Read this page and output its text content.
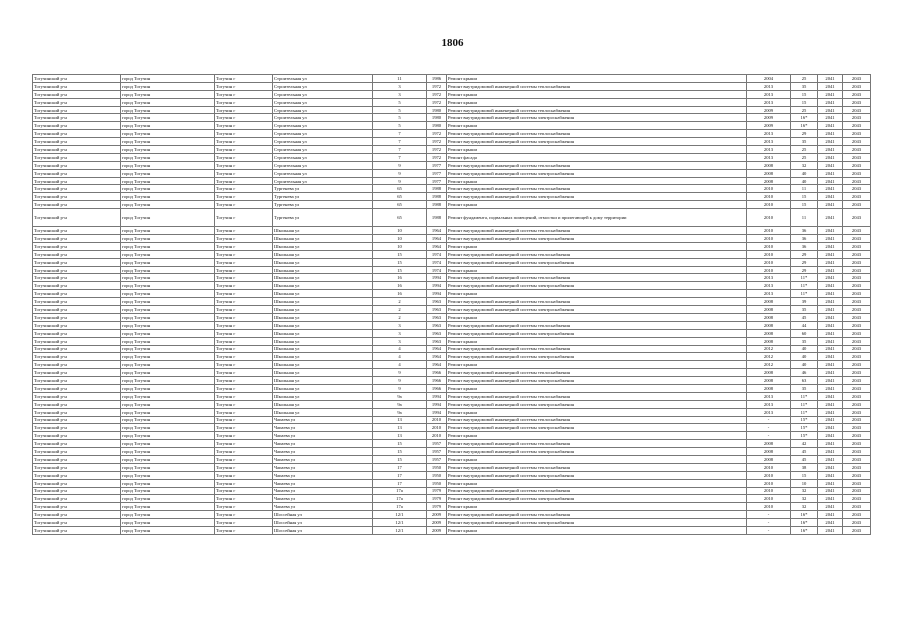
1806
Тогучинский р-н	город Тогучин	Тогучин г	Строительная ул	11	1986	Ремонт крыши	2004	25	2041	2043
Тогучинский р-н	город Тогучин	Тогучин г	Строительная ул	3	1972	Ремонт внутридомовой инженерной системы теплоснабжения	2013	35	2041	2043
Тогучинский р-н	город Тогучин	Тогучин г	Строительная ул	3	1972	Ремонт крыши	2013	15	2041	2043
Тогучинский р-н	город Тогучин	Тогучин г	Строительная ул	5	1972	Ремонт крыши	2013	15	2041	2043
Тогучинский р-н	город Тогучин	Тогучин г	Строительная ул	5	1980	Ремонт внутридомовой инженерной системы теплоснабжения	2009	25	2041	2043
Тогучинский р-н	город Тогучин	Тогучин г	Строительная ул	5	1980	Ремонт внутридомовой инженерной системы электроснабжения	2009	16*	2041	2043
Тогучинский р-н	город Тогучин	Тогучин г	Строительная ул	5	1980	Ремонт крыши	2009	16*	2041	2043
Тогучинский р-н	город Тогучин	Тогучин г	Строительная ул	7	1972	Ремонт внутридомовой инженерной системы теплоснабжения	2013	29	2041	2043
Тогучинский р-н	город Тогучин	Тогучин г	Строительная ул	7	1972	Ремонт внутридомовой инженерной системы электроснабжения	2013	35	2041	2043
Тогучинский р-н	город Тогучин	Тогучин г	Строительная ул	7	1972	Ремонт крыши	2013	25	2041	2043
Тогучинский р-н	город Тогучин	Тогучин г	Строительная ул	7	1972	Ремонт фасада	2013	25	2041	2043
Тогучинский р-н	город Тогучин	Тогучин г	Строительная ул	9	1977	Ремонт внутридомовой инженерной системы теплоснабжения	2008	32	2041	2043
Тогучинский р-н	город Тогучин	Тогучин г	Строительная ул	9	1977	Ремонт внутридомовой инженерной системы электроснабжения	2008	40	2041	2043
Тогучинский р-н	город Тогучин	Тогучин г	Строительная ул	9	1977	Ремонт крыши	2008	40	2041	2043
Тогучинский р-н	город Тогучин	Тогучин г	Тургенева ул	65	1988	Ремонт внутридомовой инженерной системы теплоснабжения	2010	11	2041	2043
Тогучинский р-н	город Тогучин	Тогучин г	Тургенева ул	65	1988	Ремонт внутридомовой инженерной системы электроснабжения	2010	15	2041	2043
Тогучинский р-н	город Тогучин	Тогучин г	Тургенева ул	65	1988	Ремонт крыши	2010	15	2041	2043
Тогучинский р-н	город Тогучин	Тогучин г	Тургенева ул	65	1988	Ремонт фундамента, подвальных помещений, отмостки и прилегающей к дому территории	2010	11	2041	2043
Тогучинский р-н	город Тогучин	Тогучин г	Школьная ул	10	1964	Ремонт внутридомовой инженерной системы теплоснабжения	2010	36	2041	2043
Тогучинский р-н	город Тогучин	Тогучин г	Школьная ул	10	1964	Ремонт внутридомовой инженерной системы электроснабжения	2010	36	2041	2043
Тогучинский р-н	город Тогучин	Тогучин г	Школьная ул	10	1964	Ремонт крыши	2010	36	2041	2043
Тогучинский р-н	город Тогучин	Тогучин г	Школьная ул	15	1974	Ремонт внутридомовой инженерной системы теплоснабжения	2010	29	2041	2043
Тогучинский р-н	город Тогучин	Тогучин г	Школьная ул	15	1974	Ремонт внутридомовой инженерной системы электроснабжения	2010	29	2041	2043
Тогучинский р-н	город Тогучин	Тогучин г	Школьная ул	15	1974	Ремонт крыши	2010	29	2041	2043
Тогучинский р-н	город Тогучин	Тогучин г	Школьная ул	16	1994	Ремонт внутридомовой инженерной системы теплоснабжения	2013	11*	2041	2043
Тогучинский р-н	город Тогучин	Тогучин г	Школьная ул	16	1994	Ремонт внутридомовой инженерной системы электроснабжения	2013	11*	2041	2043
Тогучинский р-н	город Тогучин	Тогучин г	Школьная ул	16	1994	Ремонт крыши	2013	11*	2041	2043
Тогучинский р-н	город Тогучин	Тогучин г	Школьная ул	2	1963	Ремонт внутридомовой инженерной системы теплоснабжения	2008	39	2041	2043
Тогучинский р-н	город Тогучин	Тогучин г	Школьная ул	2	1963	Ремонт внутридомовой инженерной системы электроснабжения	2008	35	2041	2043
Тогучинский р-н	город Тогучин	Тогучин г	Школьная ул	2	1963	Ремонт крыши	2008	45	2041	2043
Тогучинский р-н	город Тогучин	Тогучин г	Школьная ул	3	1963	Ремонт внутридомовой инженерной системы теплоснабжения	2008	44	2041	2043
Тогучинский р-н	город Тогучин	Тогучин г	Школьная ул	3	1963	Ремонт внутридомовой инженерной системы электроснабжения	2008	60	2041	2043
Тогучинский р-н	город Тогучин	Тогучин г	Школьная ул	3	1963	Ремонт крыши	2008	35	2041	2043
Тогучинский р-н	город Тогучин	Тогучин г	Школьная ул	4	1964	Ремонт внутридомовой инженерной системы теплоснабжения	2012	40	2041	2043
Тогучинский р-н	город Тогучин	Тогучин г	Школьная ул	4	1964	Ремонт внутридомовой инженерной системы электроснабжения	2012	40	2041	2043
Тогучинский р-н	город Тогучин	Тогучин г	Школьная ул	4	1964	Ремонт крыши	2012	40	2041	2043
Тогучинский р-н	город Тогучин	Тогучин г	Школьная ул	9	1966	Ремонт внутридомовой инженерной системы теплоснабжения	2008	46	2041	2043
Тогучинский р-н	город Тогучин	Тогучин г	Школьная ул	9	1966	Ремонт внутридомовой инженерной системы электроснабжения	2008	63	2041	2043
Тогучинский р-н	город Тогучин	Тогучин г	Школьная ул	9	1966	Ремонт крыши	2008	35	2041	2043
Тогучинский р-н	город Тогучин	Тогучин г	Школьная ул	9а	1994	Ремонт внутридомовой инженерной системы теплоснабжения	2013	11*	2041	2043
Тогучинский р-н	город Тогучин	Тогучин г	Школьная ул	9а	1994	Ремонт внутридомовой инженерной системы электроснабжения	2013	11*	2041	2043
Тогучинский р-н	город Тогучин	Тогучин г	Школьная ул	9а	1994	Ремонт крыши	2013	11*	2041	2043
Тогучинский р-н	город Тогучин	Тогучин г	Чапаева ул	13	2010	Ремонт внутридомовой инженерной системы теплоснабжения	-	15*	2041	2043
Тогучинский р-н	город Тогучин	Тогучин г	Чапаева ул	13	2010	Ремонт внутридомовой инженерной системы электроснабжения	-	15*	2041	2043
Тогучинский р-н	город Тогучин	Тогучин г	Чапаева ул	13	2010	Ремонт крыши	-	15*	2041	2043
Тогучинский р-н	город Тогучин	Тогучин г	Чапаева ул	15	1957	Ремонт внутридомовой инженерной системы теплоснабжения	2008	42	2041	2043
Тогучинский р-н	город Тогучин	Тогучин г	Чапаева ул	15	1957	Ремонт внутридомовой инженерной системы электроснабжения	2008	45	2041	2043
Тогучинский р-н	город Тогучин	Тогучин г	Чапаева ул	15	1957	Ремонт крыши	2008	45	2041	2043
Тогучинский р-н	город Тогучин	Тогучин г	Чапаева ул	17	1950	Ремонт внутридомовой инженерной системы теплоснабжения	2010	38	2041	2043
Тогучинский р-н	город Тогучин	Тогучин г	Чапаева ул	17	1950	Ремонт внутридомовой инженерной системы электроснабжения	2010	15	2041	2043
Тогучинский р-н	город Тогучин	Тогучин г	Чапаева ул	17	1950	Ремонт крыши	2010	10	2041	2043
Тогучинский р-н	город Тогучин	Тогучин г	Чапаева ул	17а	1979	Ремонт внутридомовой инженерной системы теплоснабжения	2010	32	2041	2043
Тогучинский р-н	город Тогучин	Тогучин г	Чапаева ул	17а	1979	Ремонт внутридомовой инженерной системы электроснабжения	2010	32	2041	2043
Тогучинский р-н	город Тогучин	Тогучин г	Чапаева ул	17а	1979	Ремонт крыши	2010	32	2041	2043
Тогучинский р-н	город Тогучин	Тогучин г	Шоссейная ул	12/1	2009	Ремонт внутридомовой инженерной системы теплоснабжения	-	16*	2041	2043
Тогучинский р-н	город Тогучин	Тогучин г	Шоссейная ул	12/1	2009	Ремонт внутридомовой инженерной системы электроснабжения	-	16*	2041	2043
Тогучинский р-н	город Тогучин	Тогучин г	Шоссейная ул	12/1	2009	Ремонт крыши	-	16*	2041	2043
